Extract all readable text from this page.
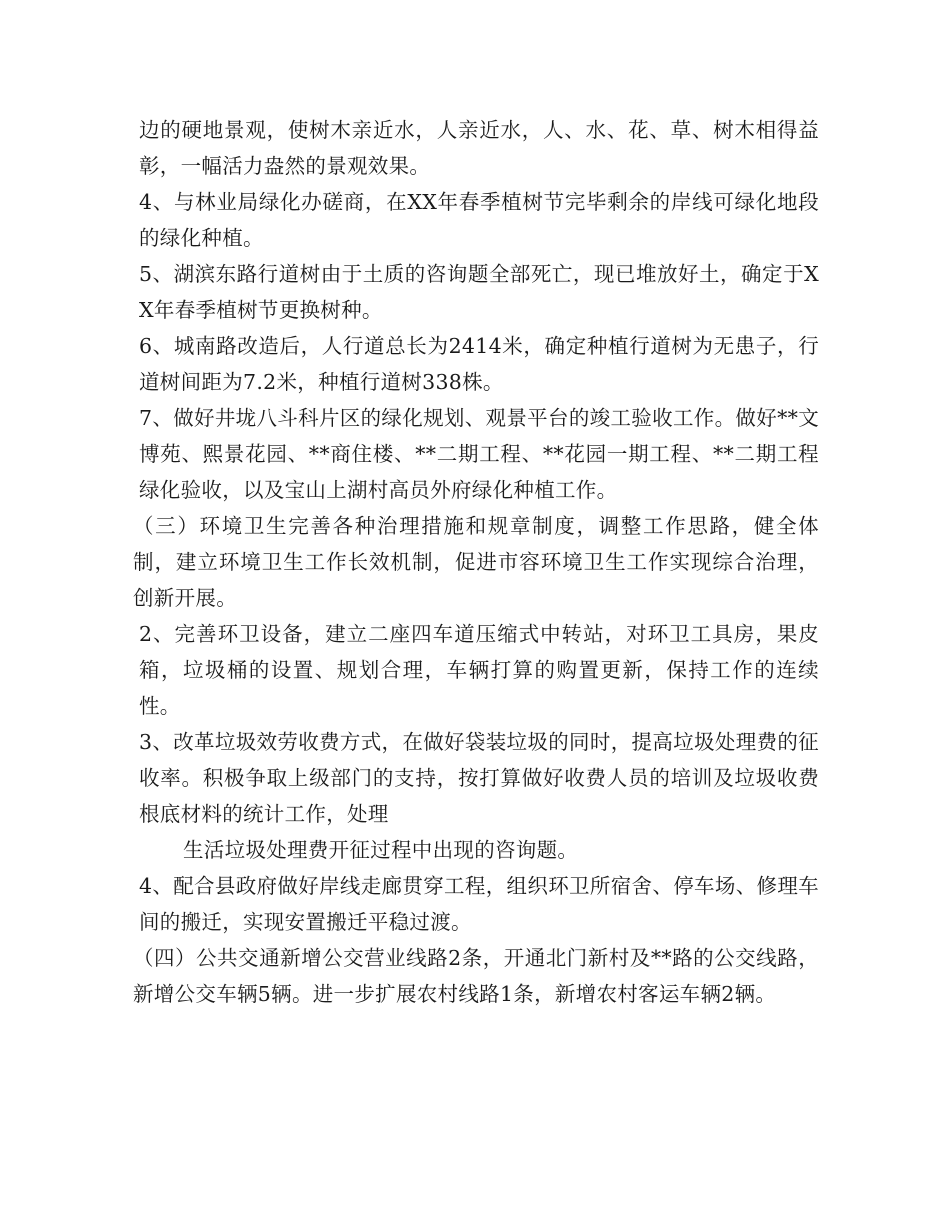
边的硬地景观，使树木亲近水，人亲近水，人、水、花、草、树木相得益彰，一幅活力盎然的景观效果。

4、与林业局绿化办磋商，在XX年春季植树节完毕剩余的岸线可绿化地段的绿化种植。

5、湖滨东路行道树由于土质的咨询题全部死亡，现已堆放好土，确定于XX年春季植树节更换树种。

6、城南路改造后，人行道总长为2414米，确定种植行道树为无患子，行道树间距为7.2米，种植行道树338株。

7、做好井垅八斗科片区的绿化规划、观景平台的竣工验收工作。做好**文博苑、熙景花园、**商住楼、**二期工程、**花园一期工程、**二期工程绿化验收，以及宝山上湖村高员外府绿化种植工作。

（三）环境卫生完善各种治理措施和规章制度，调整工作思路，健全体制，建立环境卫生工作长效机制，促进市容环境卫生工作实现综合治理，创新开展。

2、完善环卫设备，建立二座四车道压缩式中转站，对环卫工具房，果皮箱，垃圾桶的设置、规划合理，车辆打算的购置更新，保持工作的连续性。

3、改革垃圾效劳收费方式，在做好袋装垃圾的同时，提高垃圾处理费的征收率。积极争取上级部门的支持，按打算做好收费人员的培训及垃圾收费根底材料的统计工作，处理

生活垃圾处理费开征过程中出现的咨询题。

4、配合县政府做好岸线走廊贯穿工程，组织环卫所宿舍、停车场、修理车间的搬迁，实现安置搬迁平稳过渡。

（四）公共交通新增公交营业线路2条，开通北门新村及**路的公交线路，新增公交车辆5辆。进一步扩展农村线路1条，新增农村客运车辆2辆。
